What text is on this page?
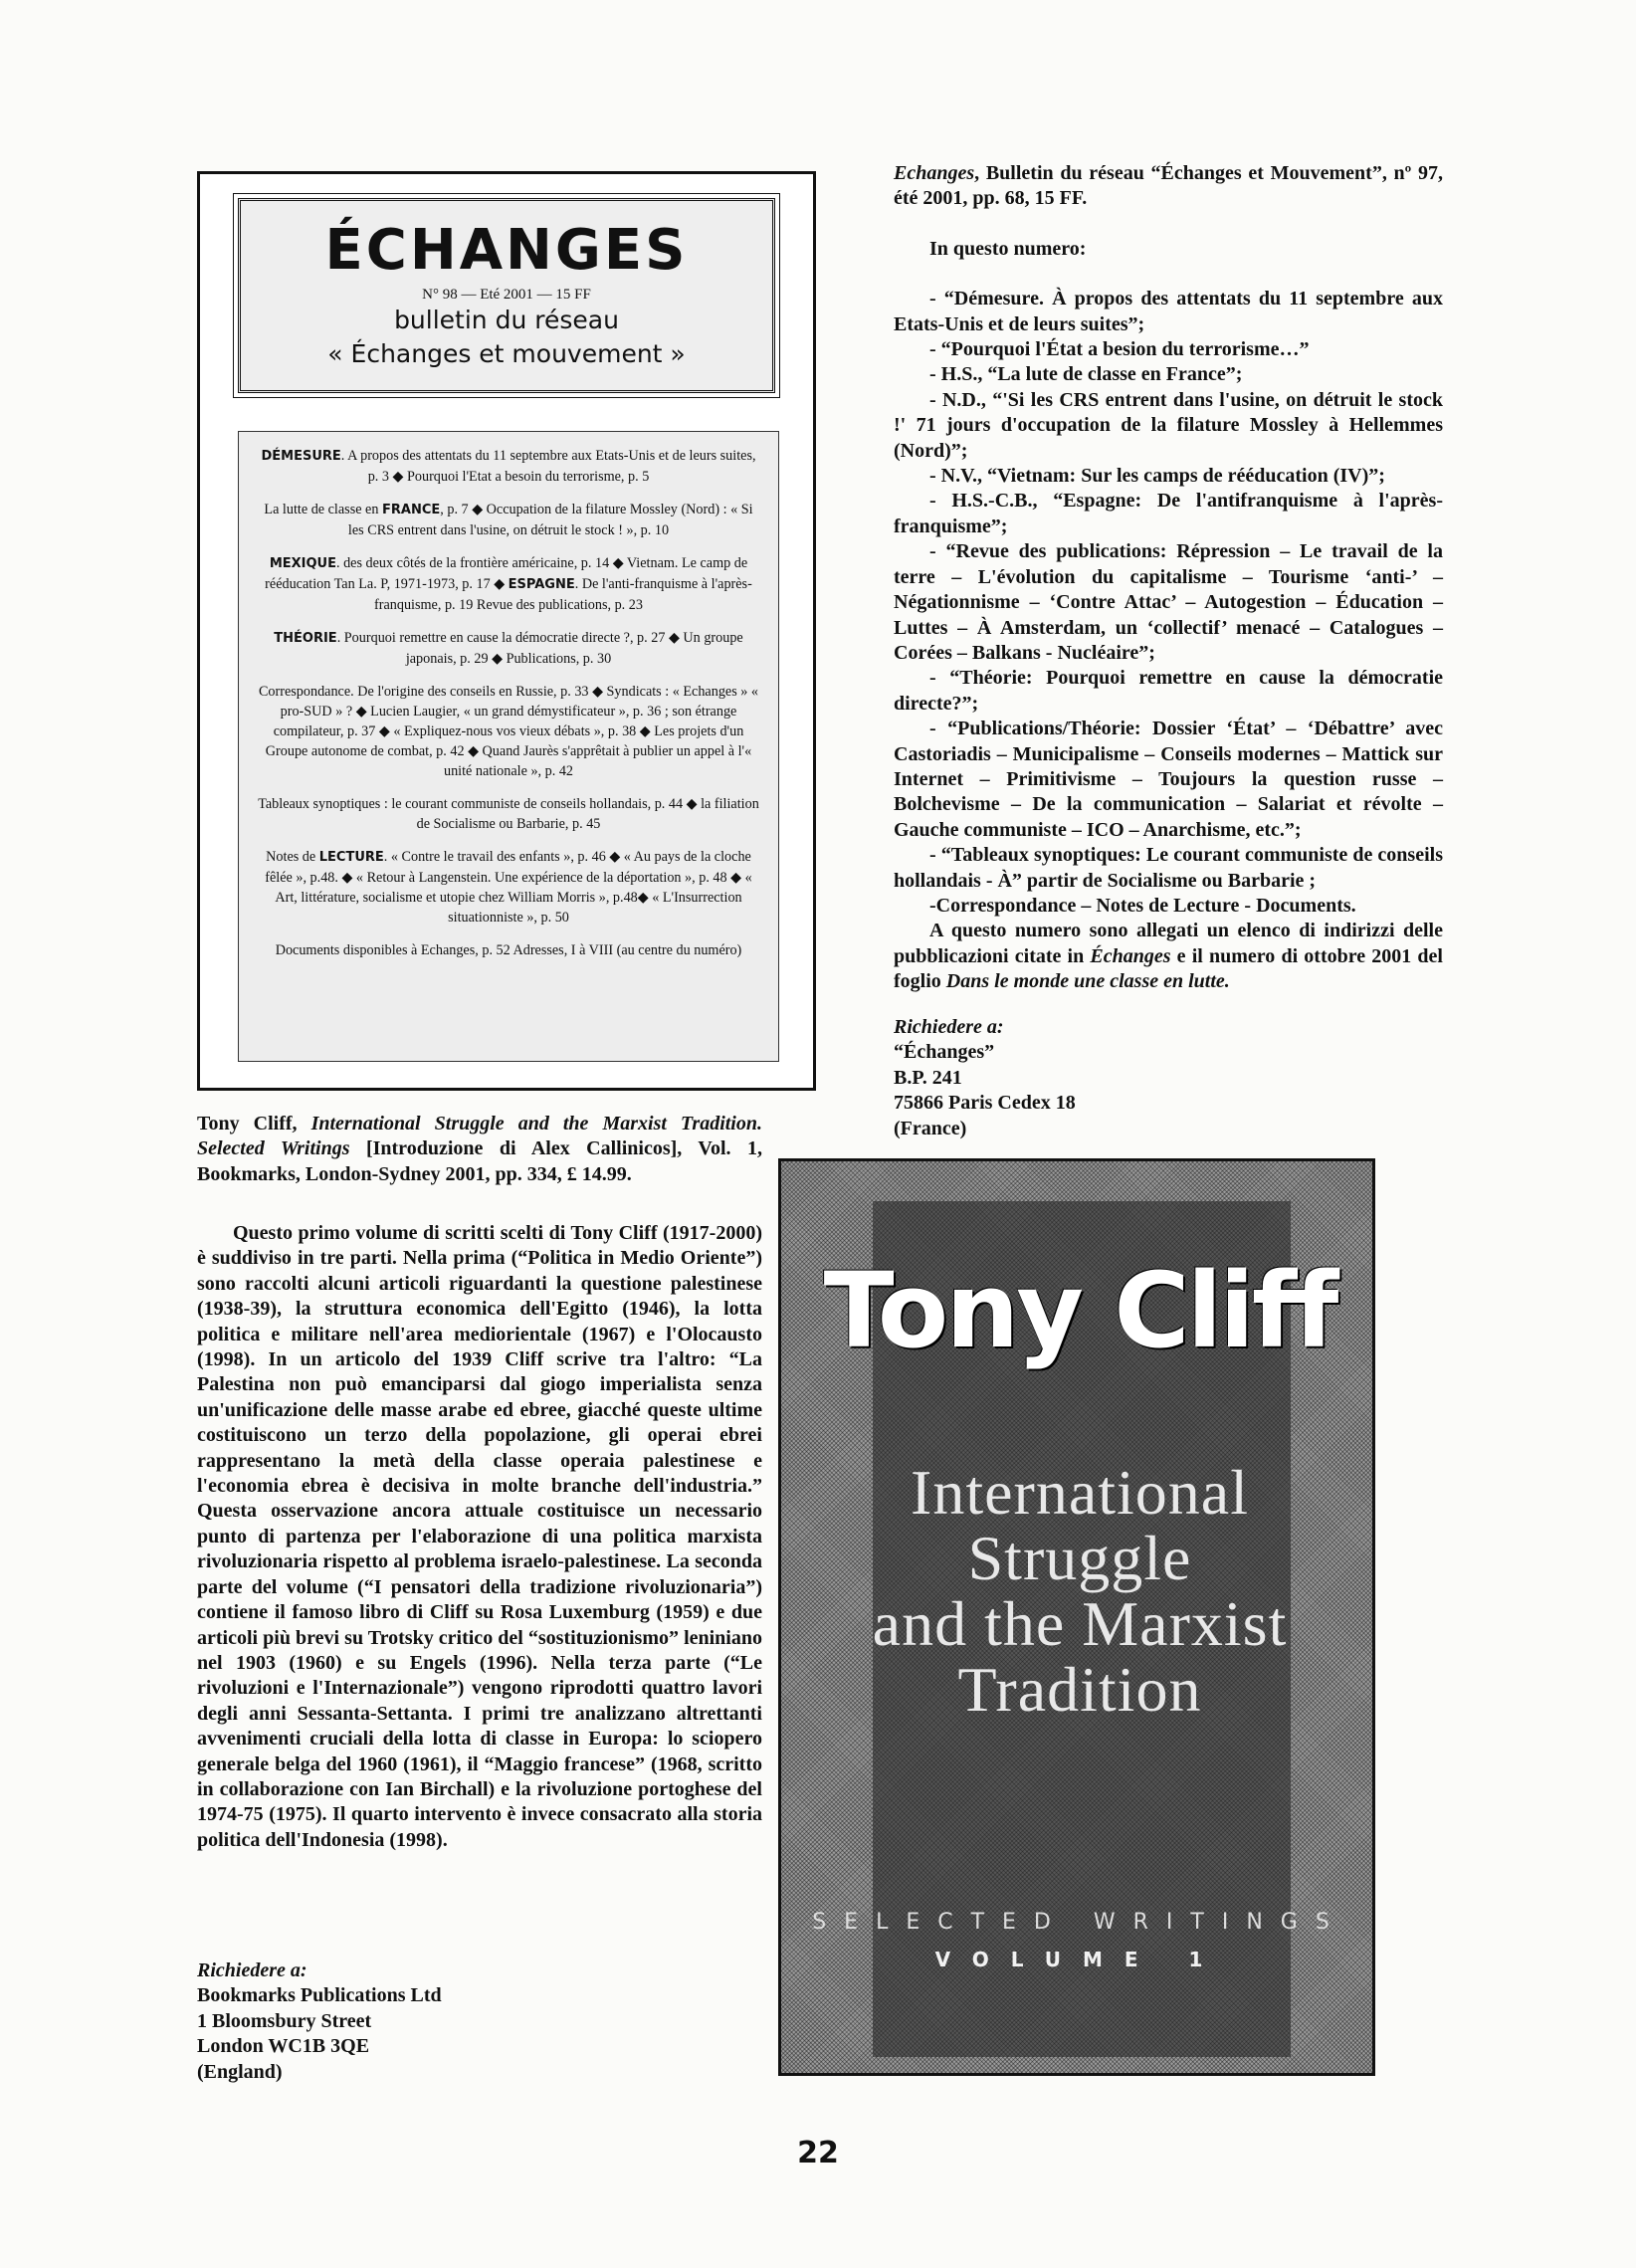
ÉCHANGES
N° 98 — Eté 2001 — 15 FF
bulletin du réseau
« Échanges et mouvement »

DÉMESURE. A propos des attentats du 11 septembre aux Etats-Unis et de leurs suites, p. 3 ◆ Pourquoi l'Etat a besoin du terrorisme, p. 5

La lutte de classe en FRANCE, p. 7 ◆ Occupation de la filature Mossley (Nord) : « Si les CRS entrent dans l'usine, on détruit le stock ! », p. 10

MEXIQUE. des deux côtés de la frontière américaine, p. 14 ◆ Vietnam. Le camp de rééducation Tan La. P, 1971-1973, p. 17 ◆ ESPAGNE. De l'anti-franquisme à l'après-franquisme, p. 19 Revue des publications, p. 23

THÉORIE. Pourquoi remettre en cause la démocratie directe ?, p. 27 ◆ Un groupe japonais, p. 29 ◆ Publications, p. 30

Correspondance. De l'origine des conseils en Russie, p. 33 ◆ Syndicats : « Echanges » « pro-SUD » ? ◆ Lucien Laugier, « un grand démystificateur », p. 36 ; son étrange compilateur, p. 37 ◆ « Expliquez-nous vos vieux débats », p. 38 ◆ Les projets d'un Groupe autonome de combat, p. 42 ◆ Quand Jaurès s'apprêtait à publier un appel à l'« unité nationale », p. 42

Tableaux synoptiques : le courant communiste de conseils hollandais, p. 44 ◆ la filiation de Socialisme ou Barbarie, p. 45

Notes de LECTURE. « Contre le travail des enfants », p. 46 ◆ « Au pays de la cloche fêlée », p.48. ◆ « Retour à Langenstein. Une expérience de la déportation », p. 48 ◆ « Art, littérature, socialisme et utopie chez William Morris », p.48◆ « L'Insurrection situationniste », p. 50

Documents disponibles à Echanges, p. 52 Adresses, I à VIII (au centre du numéro)

Echanges, Bulletin du réseau “Échanges et Mouvement”, nº 97, été 2001, pp. 68, 15 FF.

In questo numero:

- “Démesure. À propos des attentats du 11 septembre aux Etats-Unis et de leurs suites”;

- “Pourquoi l'État a besion du terrorisme…”

- H.S., “La lute de classe en France”;

- N.D., “'Si les CRS entrent dans l'usine, on détruit le stock !' 71 jours d'occupation de la filature Mossley à Hellemmes (Nord)”;

- N.V., “Vietnam: Sur les camps de rééducation (IV)”;

- H.S.-C.B., “Espagne: De l'antifranquisme à l'après-franquisme”;

- “Revue des publications: Répression – Le travail de la terre – L'évolution du capitalisme – Tourisme ‘anti-’ – Négationnisme – ‘Contre Attac’ – Autogestion – Éducation – Luttes – À Amsterdam, un ‘collectif’ menacé – Catalogues – Corées – Balkans - Nucléaire”;

- “Théorie: Pourquoi remettre en cause la démocratie directe?”;

- “Publications/Théorie: Dossier ‘État’ – ‘Débattre’ avec Castoriadis – Municipalisme – Conseils modernes – Mattick sur Internet – Primitivisme – Toujours la question russe – Bolchevisme – De la communication – Salariat et révolte – Gauche communiste – ICO – Anarchisme, etc.”;

- “Tableaux synoptiques: Le courant communiste de conseils hollandais - À” partir de Socialisme ou Barbarie ;

-Correspondance – Notes de Lecture - Documents.

A questo numero sono allegati un elenco di indirizzi delle pubblicazioni citate in Échanges e il numero di ottobre 2001 del foglio Dans le monde une classe en lutte.

Richiedere a:
“Échanges”
B.P. 241
75866 Paris Cedex 18
(France)
Tony Cliff, International Struggle and the Marxist Tradition. Selected Writings [Introduzione di Alex Callinicos], Vol. 1, Bookmarks, London-Sydney 2001, pp. 334, £ 14.99.
Questo primo volume di scritti scelti di Tony Cliff (1917-2000) è suddiviso in tre parti. Nella prima (“Politica in Medio Oriente”) sono raccolti alcuni articoli riguardanti la questione palestinese (1938-39), la struttura economica dell'Egitto (1946), la lotta politica e militare nell'area mediorientale (1967) e l'Olocausto (1998). In un articolo del 1939 Cliff scrive tra l'altro: “La Palestina non può emanciparsi dal giogo imperialista senza un'unificazione delle masse arabe ed ebree, giacché queste ultime costituiscono un terzo della popolazione, gli operai ebrei rappresentano la metà della classe operaia palestinese e l'economia ebrea è decisiva in molte branche dell'industria.” Questa osservazione ancora attuale costituisce un necessario punto di partenza per l'elaborazione di una politica marxista rivoluzionaria rispetto al problema israelo-palestinese. La seconda parte del volume (“I pensatori della tradizione rivoluzionaria”) contiene il famoso libro di Cliff su Rosa Luxemburg (1959) e due articoli più brevi su Trotsky critico del “sostituzionismo” leniniano nel 1903 (1960) e su Engels (1996). Nella terza parte (“Le rivoluzioni e l'Internazionale”) vengono riprodotti quattro lavori degli anni Sessanta-Settanta. I primi tre analizzano altrettanti avvenimenti cruciali della lotta di classe in Europa: lo sciopero generale belga del 1960 (1961), il “Maggio francese” (1968, scritto in collaborazione con Ian Birchall) e la rivoluzione portoghese del 1974-75 (1975). Il quarto intervento è invece consacrato alla storia politica dell'Indonesia (1998).
Richiedere a:
Bookmarks Publications Ltd
1 Bloomsbury Street
London WC1B 3QE
(England)
Tony Cliff
International
Struggle
and the Marxist
Tradition
SELECTED WRITINGS
VOLUME 1
22
